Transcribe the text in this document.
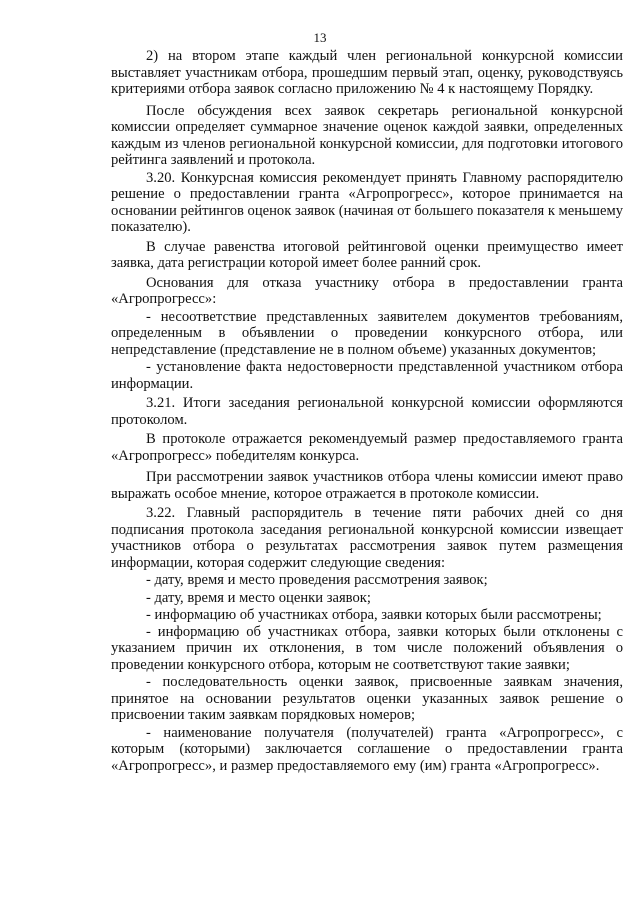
13

2) на втором этапе каждый член региональной конкурсной комиссии выставляет участникам отбора, прошедшим первый этап, оценку, руководствуясь критериями отбора заявок согласно приложению № 4 к настоящему Порядку.

После обсуждения всех заявок секретарь региональной конкурсной комиссии определяет суммарное значение оценок каждой заявки, определенных каждым из членов региональной конкурсной комиссии, для подготовки итогового рейтинга заявлений и протокола.

3.20. Конкурсная комиссия рекомендует принять Главному распорядителю решение о предоставлении гранта «Агропрогресс», которое принимается на основании рейтингов оценок заявок (начиная от большего показателя к меньшему показателю).

В случае равенства итоговой рейтинговой оценки преимущество имеет заявка, дата регистрации которой имеет более ранний срок.

Основания для отказа участнику отбора в предоставлении гранта «Агропрогресс»:

- несоответствие представленных заявителем документов требованиям, определенным в объявлении о проведении конкурсного отбора, или непредставление (представление не в полном объеме) указанных документов;

- установление факта недостоверности представленной участником отбора информации.

3.21. Итоги заседания региональной конкурсной комиссии оформляются протоколом.

В протоколе отражается рекомендуемый размер предоставляемого гранта «Агропрогресс» победителям конкурса.

При рассмотрении заявок участников отбора члены комиссии имеют право выражать особое мнение, которое отражается в протоколе комиссии.

3.22. Главный распорядитель в течение пяти рабочих дней со дня подписания протокола заседания региональной конкурсной комиссии извещает участников отбора о результатах рассмотрения заявок путем размещения информации, которая содержит следующие сведения:

- дату, время и место проведения рассмотрения заявок;

- дату, время и место оценки заявок;

- информацию об участниках отбора, заявки которых были рассмотрены;

- информацию об участниках отбора, заявки которых были отклонены с указанием причин их отклонения, в том числе положений объявления о проведении конкурсного отбора, которым не соответствуют такие заявки;

- последовательность оценки заявок, присвоенные заявкам значения, принятое на основании результатов оценки указанных заявок решение о присвоении таким заявкам порядковых номеров;

- наименование получателя (получателей) гранта «Агропрогресс», с которым (которыми) заключается соглашение о предоставлении гранта «Агропрогресс», и размер предоставляемого ему (им) гранта «Агропрогресс».
